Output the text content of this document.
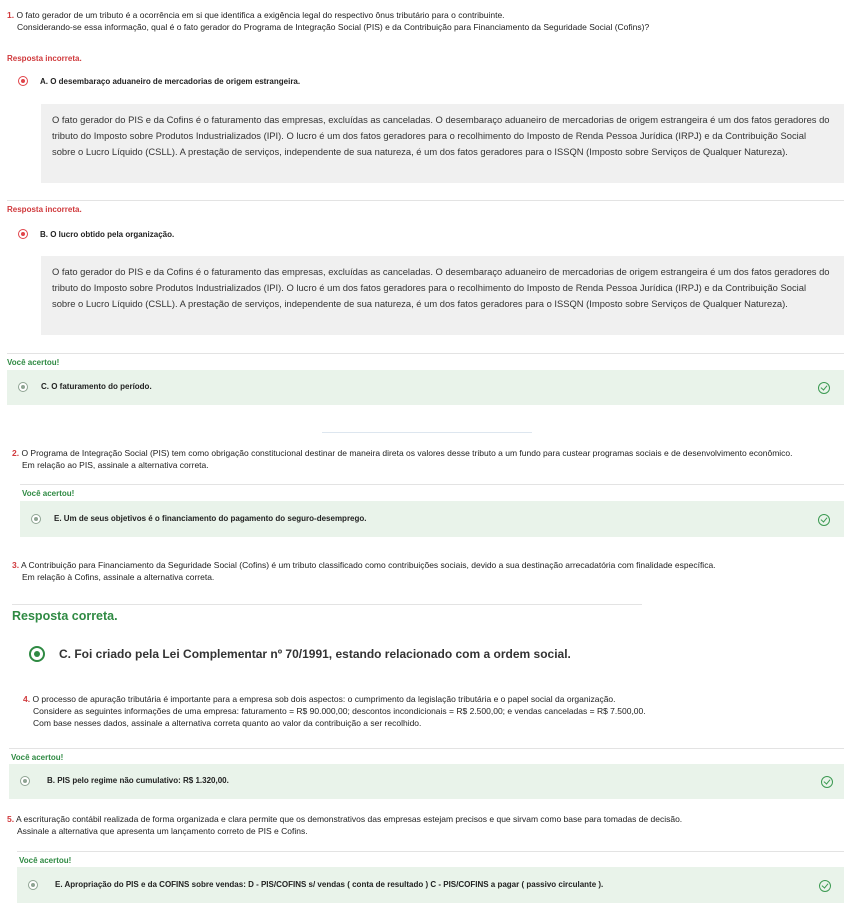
1. O fato gerador de um tributo é a ocorrência em si que identifica a exigência legal do respectivo ônus tributário para o contribuinte.
Considerando-se essa informação, qual é o fato gerador do Programa de Integração Social (PIS) e da Contribuição para Financiamento da Seguridade Social (Cofins)?
Resposta incorreta.
A. O desembaraço aduaneiro de mercadorias de origem estrangeira.
O fato gerador do PIS e da Cofins é o faturamento das empresas, excluídas as canceladas. O desembaraço aduaneiro de mercadorias de origem estrangeira é um dos fatos geradores do tributo do Imposto sobre Produtos Industrializados (IPI). O lucro é um dos fatos geradores para o recolhimento do Imposto de Renda Pessoa Jurídica (IRPJ) e da Contribuição Social sobre o Lucro Líquido (CSLL). A prestação de serviços, independente de sua natureza, é um dos fatos geradores para o ISSQN (Imposto sobre Serviços de Qualquer Natureza).
Resposta incorreta.
B. O lucro obtido pela organização.
O fato gerador do PIS e da Cofins é o faturamento das empresas, excluídas as canceladas. O desembaraço aduaneiro de mercadorias de origem estrangeira é um dos fatos geradores do tributo do Imposto sobre Produtos Industrializados (IPI). O lucro é um dos fatos geradores para o recolhimento do Imposto de Renda Pessoa Jurídica (IRPJ) e da Contribuição Social sobre o Lucro Líquido (CSLL). A prestação de serviços, independente de sua natureza, é um dos fatos geradores para o ISSQN (Imposto sobre Serviços de Qualquer Natureza).
Você acertou!
C. O faturamento do período.
2. O Programa de Integração Social (PIS) tem como obrigação constitucional destinar de maneira direta os valores desse tributo a um fundo para custear programas sociais e de desenvolvimento econômico.
Em relação ao PIS, assinale a alternativa correta.
Você acertou!
E. Um de seus objetivos é o financiamento do pagamento do seguro-desemprego.
3. A Contribuição para Financiamento da Seguridade Social (Cofins) é um tributo classificado como contribuições sociais, devido a sua destinação arrecadatória com finalidade específica.
Em relação à Cofins, assinale a alternativa correta.
Resposta correta.
C. Foi criado pela Lei Complementar nº 70/1991, estando relacionado com a ordem social.
4. O processo de apuração tributária é importante para a empresa sob dois aspectos: o cumprimento da legislação tributária e o papel social da organização.
Considere as seguintes informações de uma empresa: faturamento = R$ 90.000,00; descontos incondicionais = R$ 2.500,00; e vendas canceladas = R$ 7.500,00.
Com base nesses dados, assinale a alternativa correta quanto ao valor da contribuição a ser recolhido.
Você acertou!
B. PIS pelo regime não cumulativo: R$ 1.320,00.
5. A escrituração contábil realizada de forma organizada e clara permite que os demonstrativos das empresas estejam precisos e que sirvam como base para tomadas de decisão.
Assinale a alternativa que apresenta um lançamento correto de PIS e Cofins.
Você acertou!
E. Apropriação do PIS e da COFINS sobre vendas: D - PIS/COFINS s/ vendas ( conta de resultado ) C - PIS/COFINS a pagar ( passivo circulante ).
